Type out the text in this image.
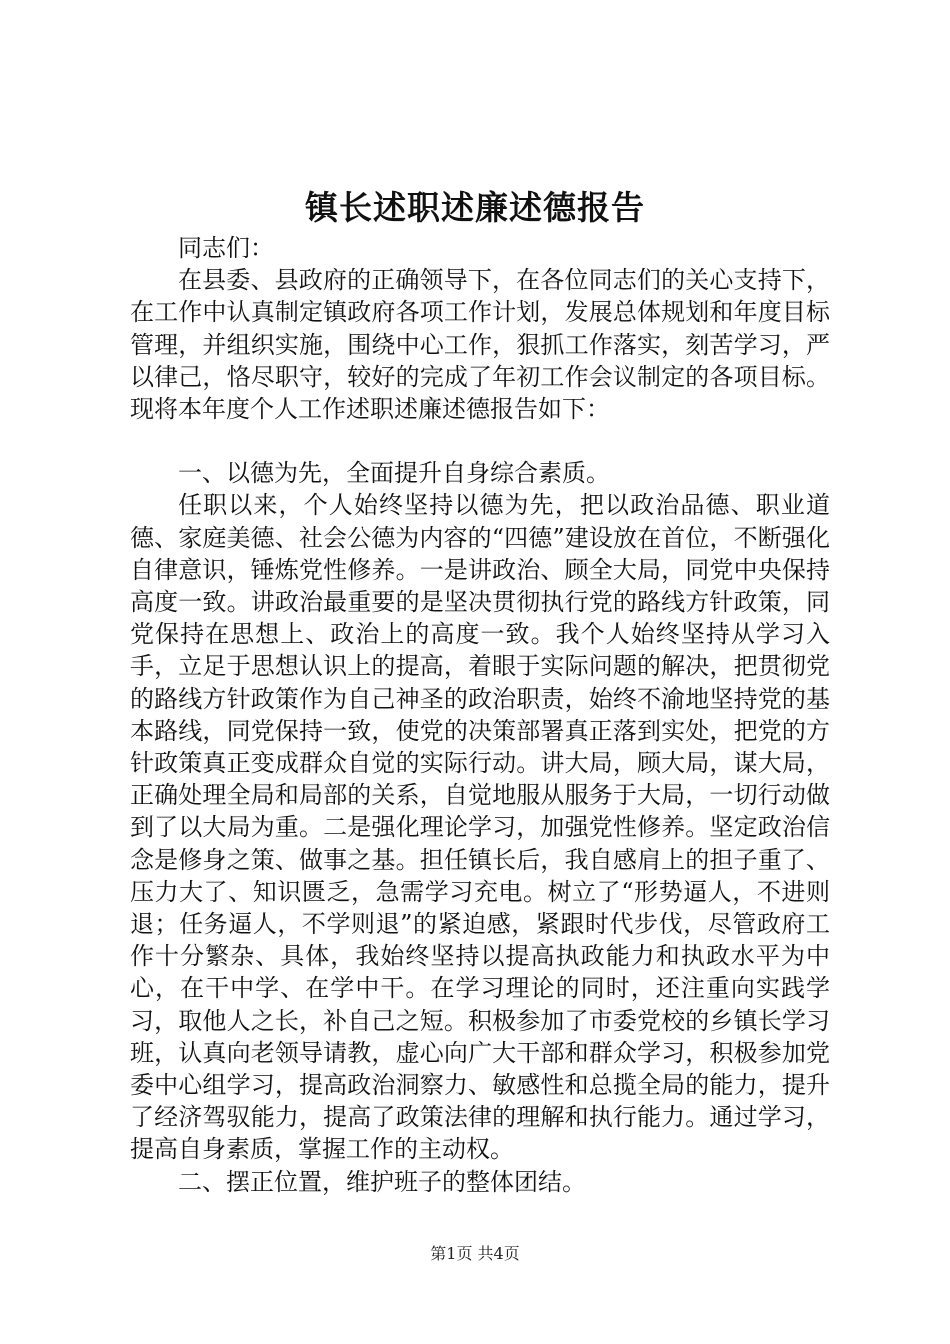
镇长述职述廉述德报告

同志们：

在县委、县政府的正确领导下，在各位同志们的关心支持下，在工作中认真制定镇政府各项工作计划，发展总体规划和年度目标管理，并组织实施，围绕中心工作，狠抓工作落实，刻苦学习，严以律己，恪尽职守，较好的完成了年初工作会议制定的各项目标。现将本年度个人工作述职述廉述德报告如下：

一、以德为先，全面提升自身综合素质。

任职以来，个人始终坚持以德为先，把以政治品德、职业道德、家庭美德、社会公德为内容的“四德”建设放在首位，不断强化自律意识，锤炼党性修养。一是讲政治、顾全大局，同党中央保持高度一致。讲政治最重要的是坚决贯彻执行党的路线方针政策，同党保持在思想上、政治上的高度一致。我个人始终坚持从学习入手，立足于思想认识上的提高，着眼于实际问题的解决，把贯彻党的路线方针政策作为自己神圣的政治职责，始终不渝地坚持党的基本路线，同党保持一致，使党的决策部署真正落到实处，把党的方针政策真正变成群众自觉的实际行动。讲大局，顾大局，谋大局，正确处理全局和局部的关系，自觉地服从服务于大局，一切行动做到了以大局为重。二是强化理论学习，加强党性修养。坚定政治信念是修身之策、做事之基。担任镇长后，我自感肩上的担子重了、压力大了、知识匮乏，急需学习充电。树立了“形势逼人，不进则退；任务逼人，不学则退”的紧迫感，紧跟时代步伐，尽管政府工作十分繁杂、具体，我始终坚持以提高执政能力和执政水平为中心，在干中学、在学中干。在学习理论的同时，还注重向实践学习，取他人之长，补自己之短。积极参加了市委党校的乡镇长学习班，认真向老领导请教，虚心向广大干部和群众学习，积极参加党委中心组学习，提高政治洞察力、敏感性和总揽全局的能力，提升了经济驾驭能力，提高了政策法律的理解和执行能力。通过学习，提高自身素质，掌握工作的主动权。

二、摆正位置，维护班子的整体团结。

第1页 共4页
